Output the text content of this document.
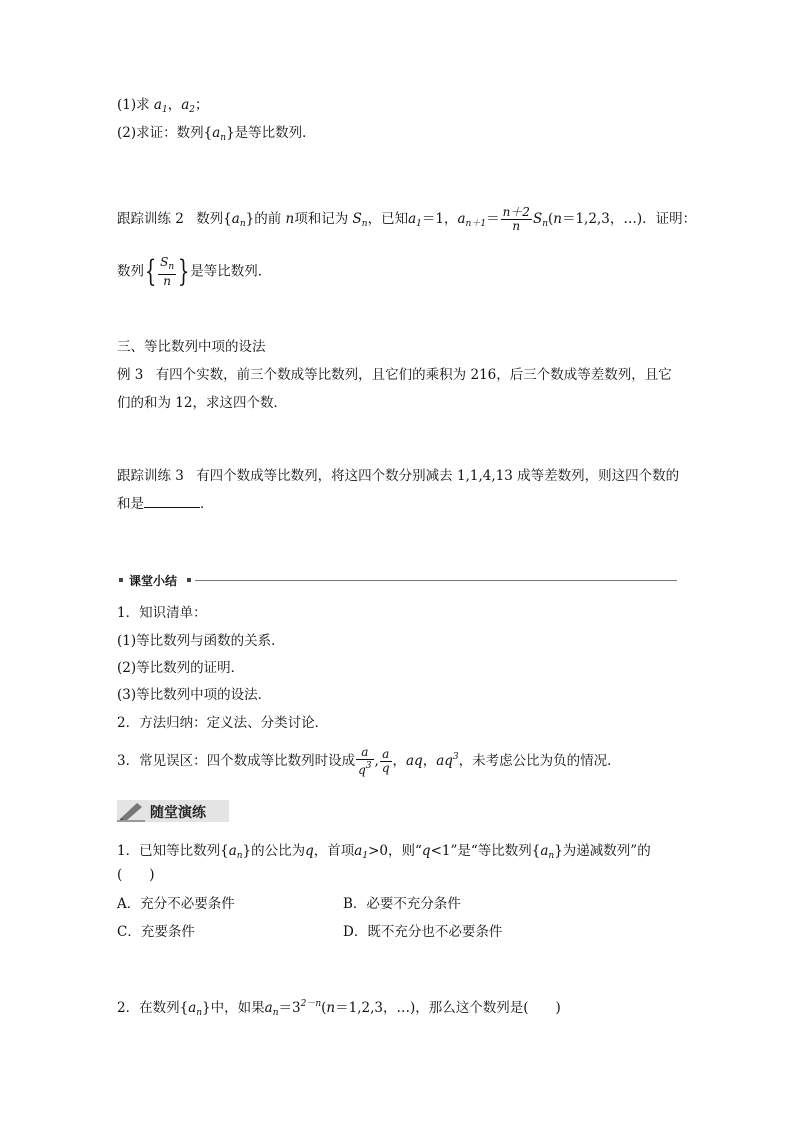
(1)求 $a_1$，$a_2$；
(2)求证：数列$\{a_n\}$是等比数列．
跟踪训练 2 数列$\{a_n\}$的前 n项和记为 $S_n$，已知$a_1=1$，$a_{n+1}= \frac{n+2}{n} S_n(n=1,2,3$，…)．证明：
数列{ $\frac{S_n}{n}$ }是等比数列．
三、等比数列中项的设法
例 3 有四个实数，前三个数成等比数列，且它们的乘积为 216，后三个数成等差数列，且它
们的和为 12，求这四个数．
跟踪训练 3 有四个数成等比数列，将这四个数分别减去 1,1,4,13 成等差数列，则这四个数的
和是	．
课堂小结
1．知识清单：
(1)等比数列与函数的关系．
(2)等比数列的证明．
(3)等比数列中项的设法．
2．方法归纳：定义法、分类讨论．
3．常见误区：四个数成等比数列时设成 $\frac{a}{q^3}$ , $\frac{a}{q}$ ，aq，$aq^3$，未考虑公比为负的情况．
随堂演练
1．已知等比数列$\{a_n\}$的公比为q，首项$a_1>0$，则“q<1”是“等比数列$\{a_n\}$为递减数列”的
(　　)
A．充分不必要条件	B．必要不充分条件
C．充要条件	D．既不充分也不必要条件
2．在数列$\{a_n\}$中，如果$a_n=3^{2-n}(n=1,2,3$，…)，那么这个数列是(　　)
